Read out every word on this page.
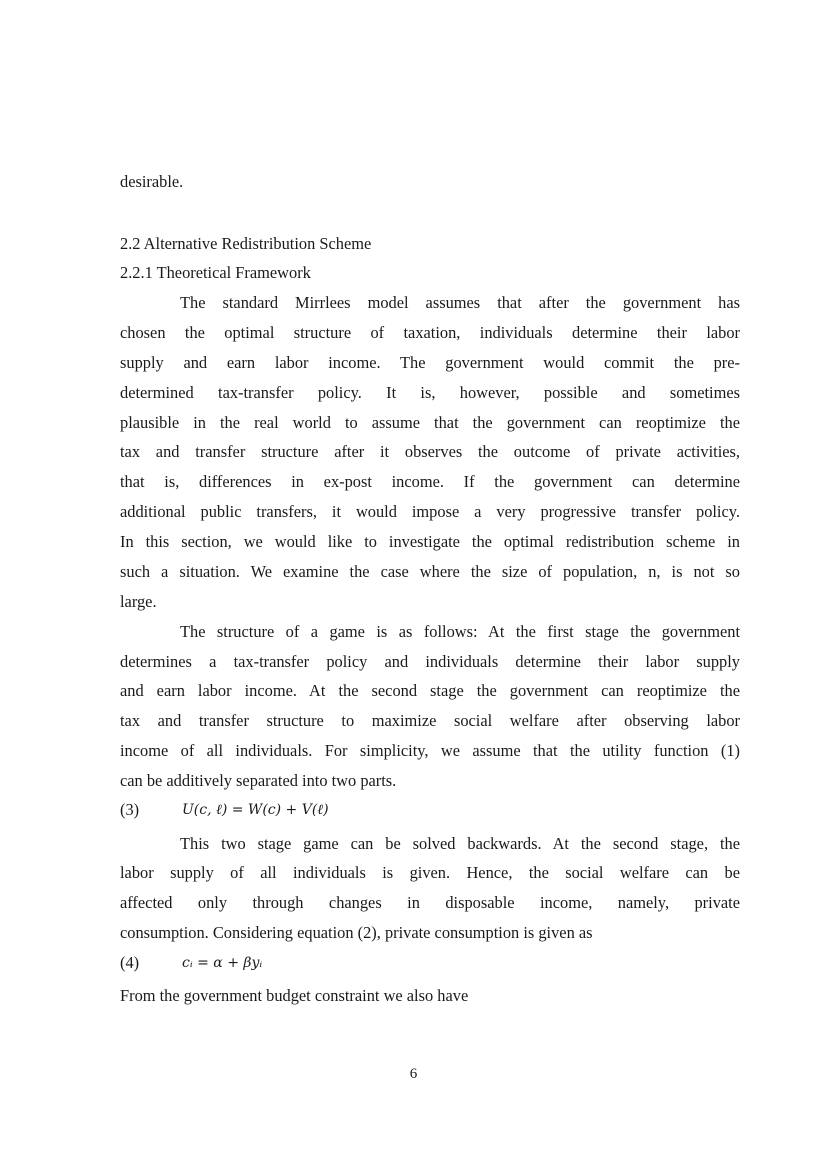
desirable.
2.2 Alternative Redistribution Scheme
2.2.1 Theoretical Framework
The standard Mirrlees model assumes that after the government has
chosen the optimal structure of taxation, individuals determine their labor
supply and earn labor income. The government would commit the pre-
determined tax-transfer policy. It is, however, possible and sometimes
plausible in the real world to assume that the government can reoptimize the
tax and transfer structure after it observes the outcome of private activities,
that is, differences in ex-post income. If the government can determine
additional public transfers, it would impose a very progressive transfer policy.
In this section, we would like to investigate the optimal redistribution scheme in
such a situation. We examine the case where the size of population, n, is not so
large.
The structure of a game is as follows: At the first stage the government
determines a tax-transfer policy and individuals determine their labor supply
and earn labor income. At the second stage the government can reoptimize the
tax and transfer structure to maximize social welfare after observing labor
income of all individuals. For simplicity, we assume that the utility function (1)
can be additively separated into two parts.
(3)	U(c, ℓ) = W(c) + V(ℓ)
This two stage game can be solved backwards. At the second stage, the
labor supply of all individuals is given. Hence, the social welfare can be
affected only through changes in disposable income, namely, private
consumption. Considering equation (2), private consumption is given as
(4)	cᵢ = α + βyᵢ
From the government budget constraint we also have
6
